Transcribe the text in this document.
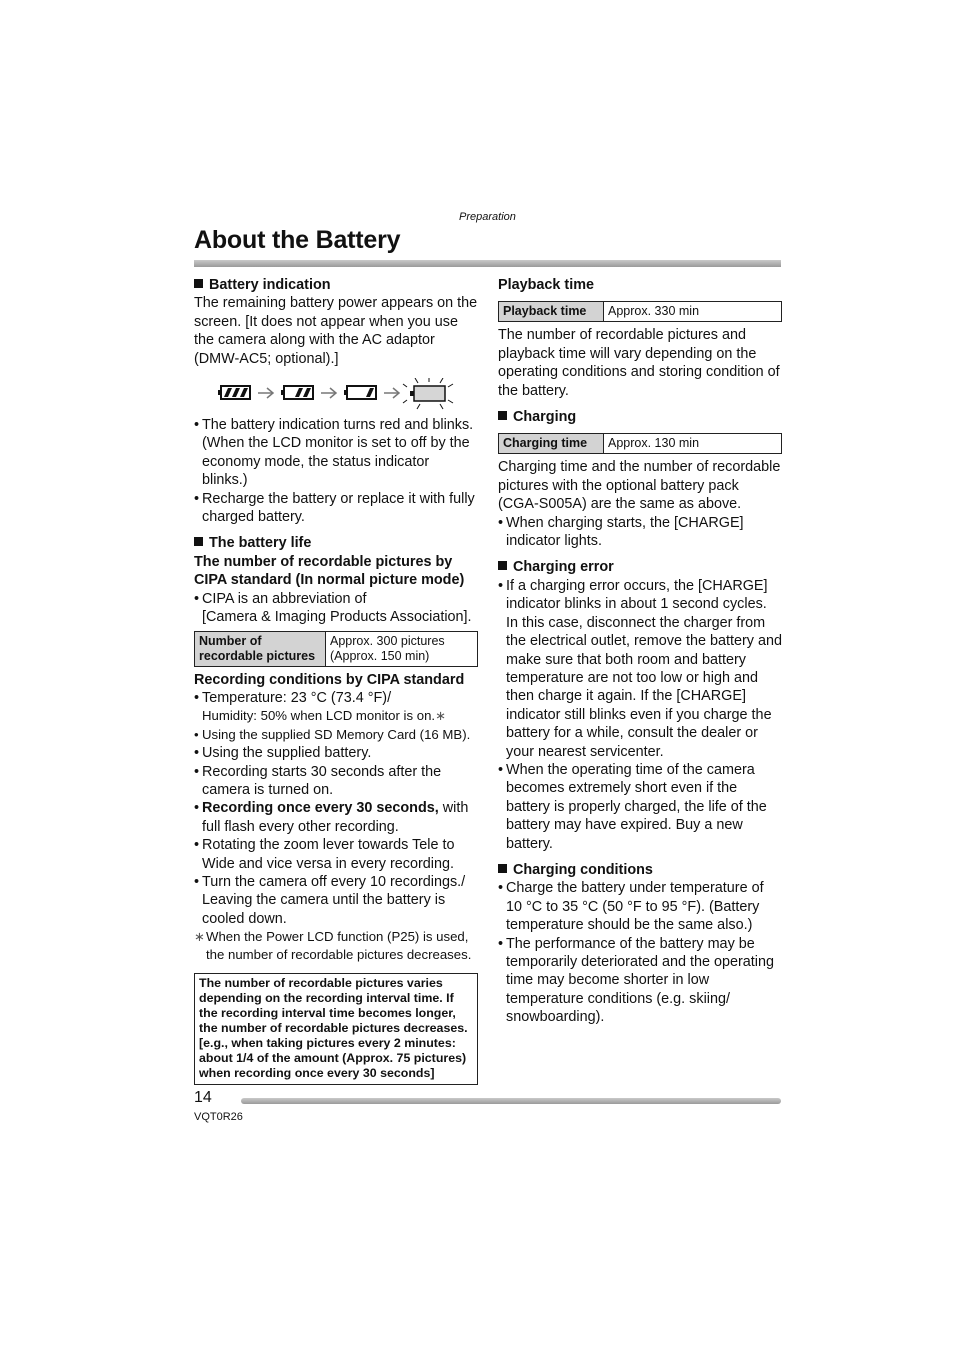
Preparation
About the Battery
Battery indication

The remaining battery power appears on the screen. [It does not appear when you use the camera along with the AC adaptor (DMW-AC5; optional).]

• The battery indication turns red and blinks. (When the LCD monitor is set to off by the economy mode, the status indicator blinks.)
• Recharge the battery or replace it with fully charged battery.
The battery life

The number of recordable pictures by CIPA standard (In normal picture mode)

• CIPA is an abbreviation of

[Camera & Imaging Products Association].

Number of recordable pictures	Approx. 300 pictures
(Approx. 150 min)

Recording conditions by CIPA standard

• Temperature: 23 °C (73.4 °F)/
Humidity: 50% when LCD monitor is on.∗
• Using the supplied SD Memory Card (16 MB).
• Using the supplied battery.
• Recording starts 30 seconds after the camera is turned on.
• Recording once every 30 seconds, with full flash every other recording.
• Rotating the zoom lever towards Tele to Wide and vice versa in every recording.
• Turn the camera off every 10 recordings./ Leaving the camera until the battery is cooled down.
∗ When the Power LCD function (P25) is used, the number of recordable pictures decreases.
The number of recordable pictures varies depending on the recording interval time. If the recording interval time becomes longer, the number of recordable pictures decreases. [e.g., when taking pictures every 2 minutes: about 1/4 of the amount (Approx. 75 pictures) when recording once every 30 seconds]

Playback time

Playback time	Approx. 330 min

The number of recordable pictures and playback time will vary depending on the operating conditions and storing condition of the battery.

Charging
Charging time	Approx. 130 min

Charging time and the number of recordable pictures with the optional battery pack (CGA-S005A) are the same as above.

• When charging starts, the [CHARGE] indicator lights.
Charging error
• If a charging error occurs, the [CHARGE] indicator blinks in about 1 second cycles. In this case, disconnect the charger from the electrical outlet, remove the battery and make sure that both room and battery temperature are not too low or high and then charge it again. If the [CHARGE] indicator still blinks even if you charge the battery for a while, consult the dealer or your nearest servicenter.
• When the operating time of the camera becomes extremely short even if the battery is properly charged, the life of the battery may have expired. Buy a new battery.
Charging conditions
• Charge the battery under temperature of 10 °C to 35 °C (50 °F to 95 °F). (Battery temperature should be the same also.)
• The performance of the battery may be temporarily deteriorated and the operating time may become shorter in low temperature conditions (e.g. skiing/ snowboarding).
14
VQT0R26
